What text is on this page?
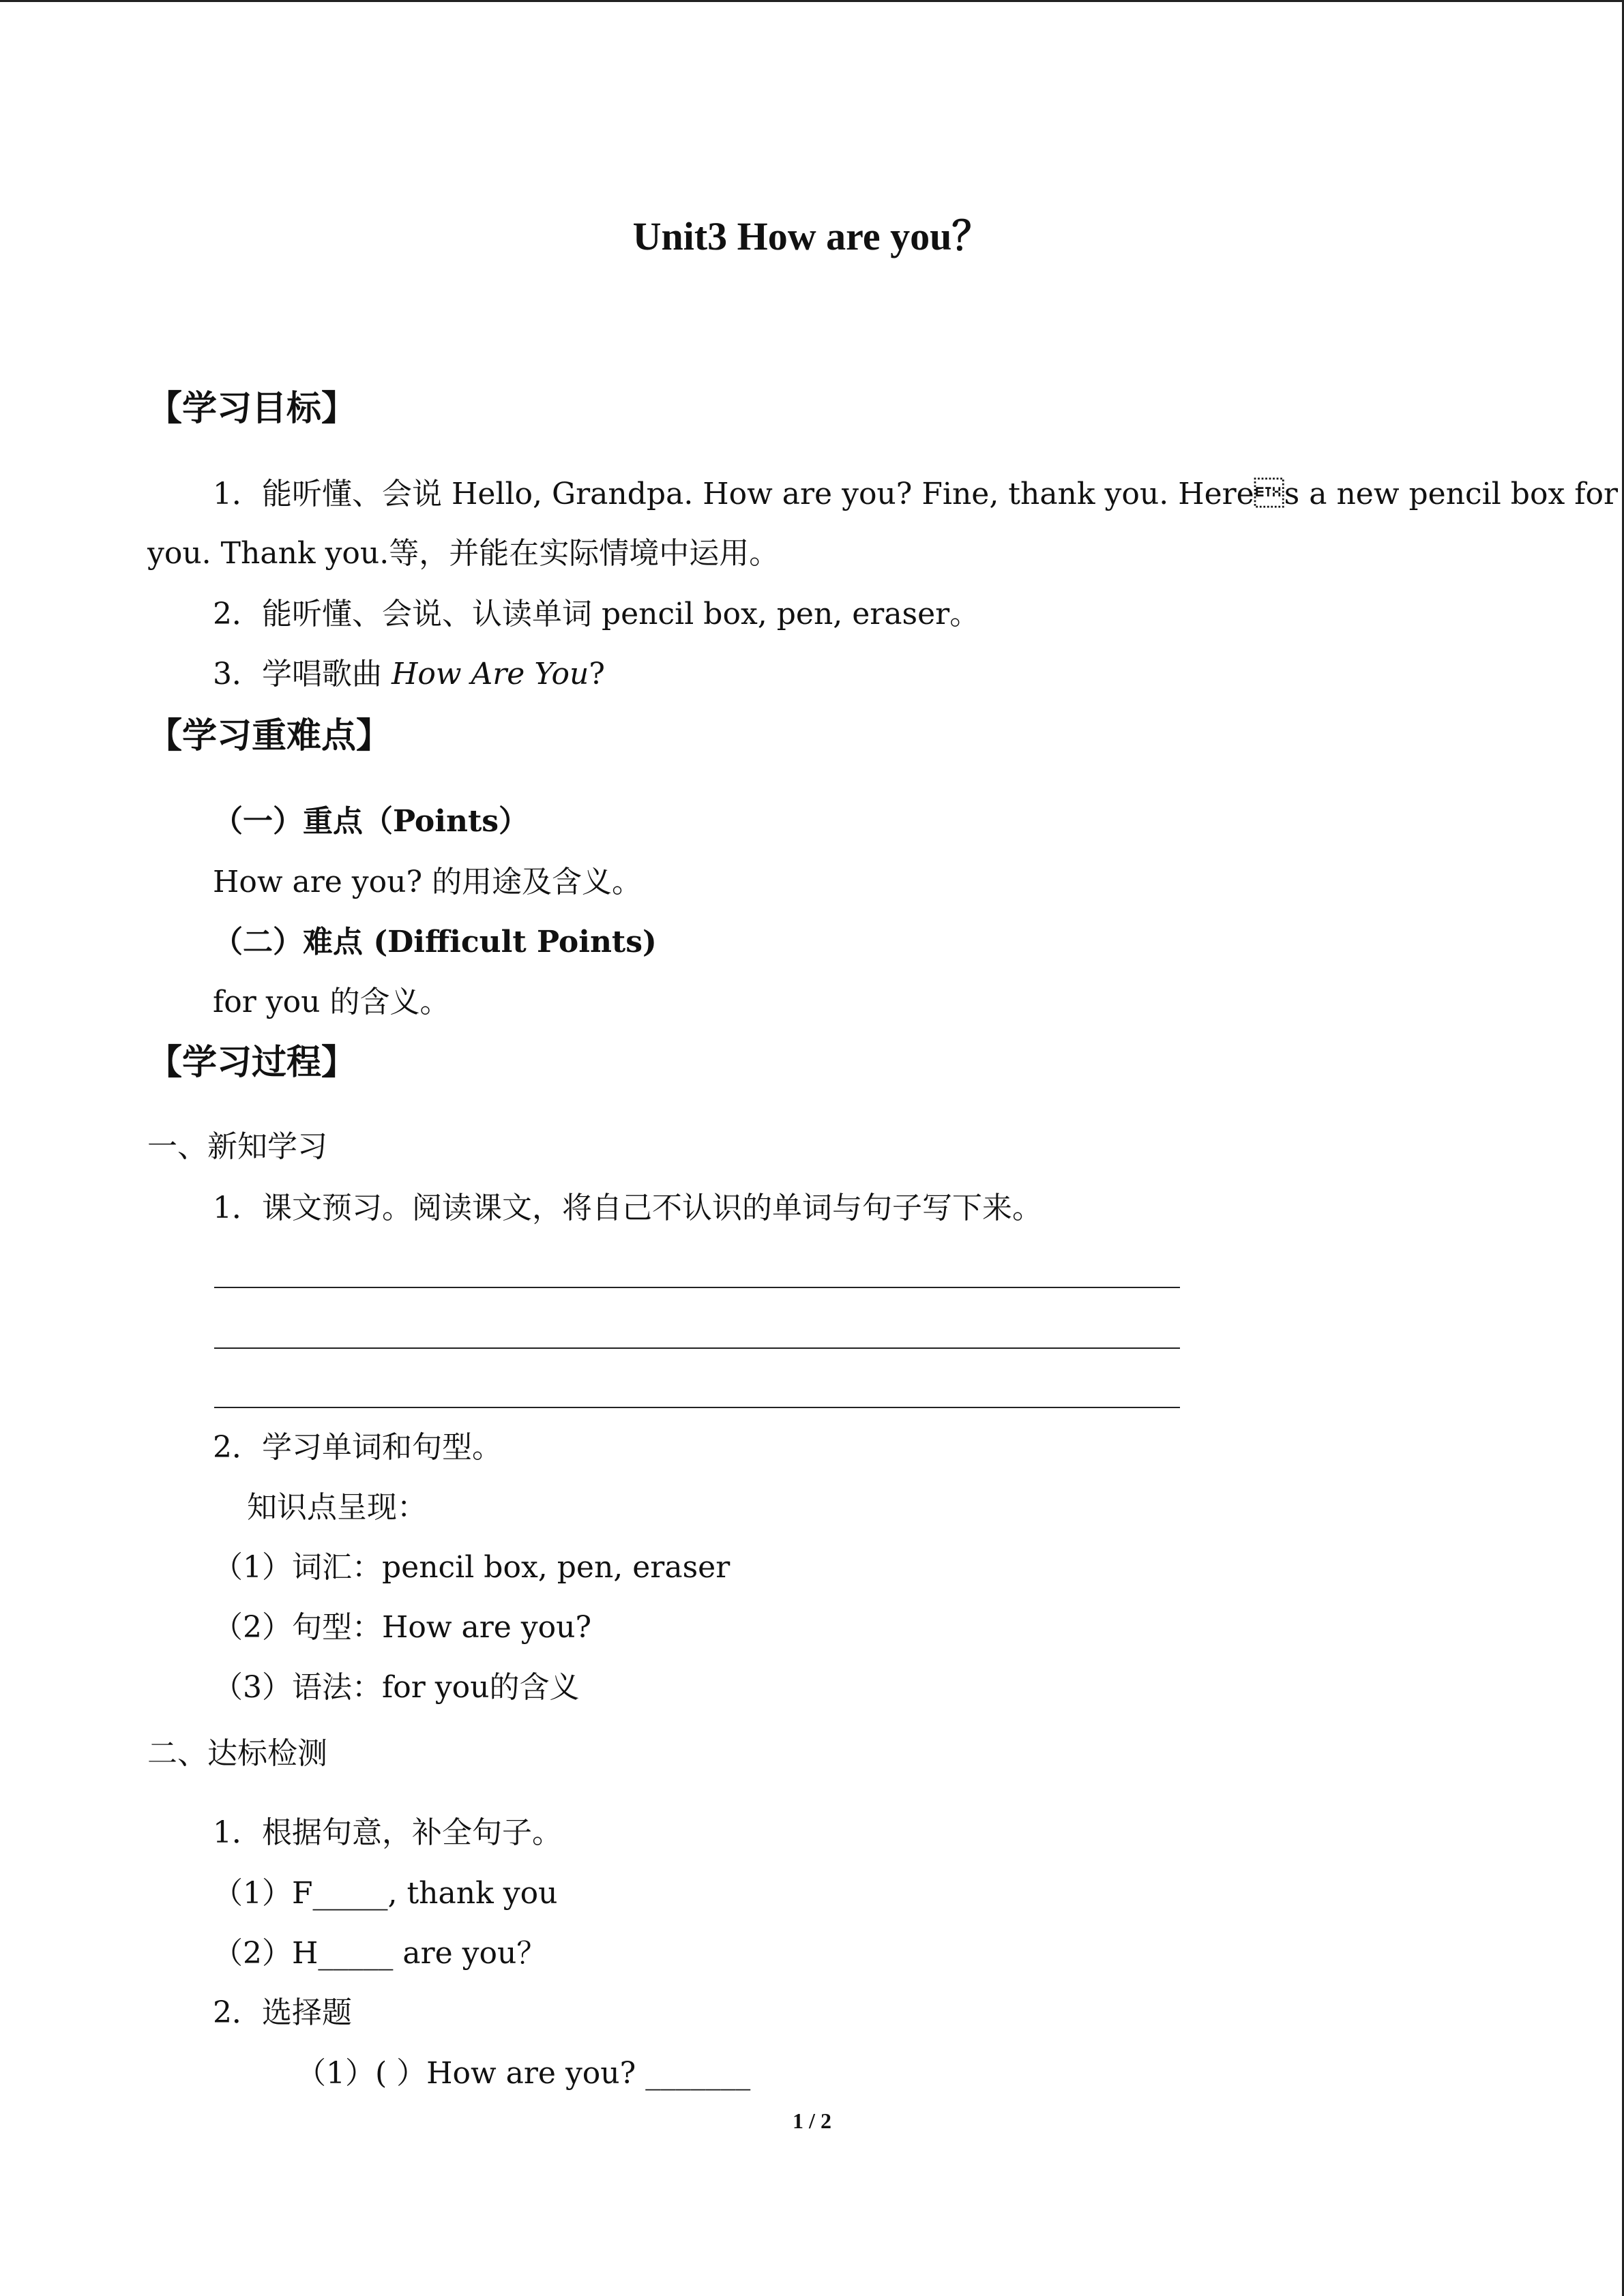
Unit3 How are you？
【学习目标】
1．能听懂、会说 Hello, Grandpa. How are you? Fine, thank you. Heres a new pencil box for
you. Thank you.等，并能在实际情境中运用。
2．能听懂、会说、认读单词 pencil box, pen, eraser。
3．学唱歌曲 How Are You?
【学习重难点】
（一）重点（Points）
How are you? 的用途及含义。
（二）难点 (Difficult Points)
for you 的含义。
【学习过程】
一、新知学习
1．课文预习。阅读课文，将自己不认识的单词与句子写下来。
2．学习单词和句型。
知识点呈现：
（1）词汇：pencil box, pen, eraser
（2）句型：How are you?
（3）语法：for you的含义
二、达标检测
1．根据句意，补全句子。
（1）F_____, thank you
（2）H_____ are you？
2．选择题
（1）( ）How are you? _______
1 / 2
